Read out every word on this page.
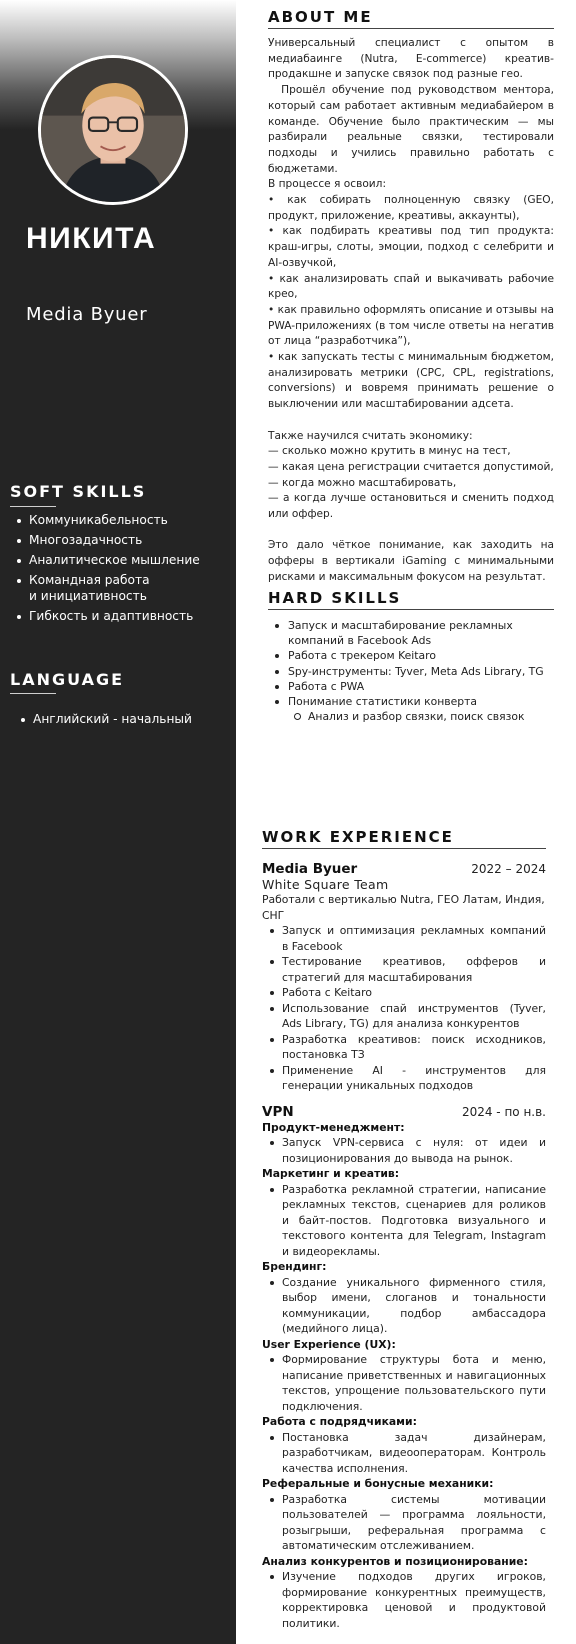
НИКИТА
Media Byuer
SOFT SKILLS
Коммуникабельность
Многозадачность
Аналитическое мышление
Командная работа
и инициативность
Гибкость и адаптивность
LANGUAGE
Английский - начальный
ABOUT ME

Универсальный специалист с опытом в медиабаинге (Nutra, E-commerce) креатив-продакшне и запуске связок под разные гео.

Прошёл обучение под руководством ментора, который сам работает активным медиабайером в команде. Обучение было практическим — мы разбирали реальные связки, тестировали подходы и учились правильно работать с бюджетами.

В процессе я освоил:

• как собирать полноценную связку (GEO, продукт, приложение, креативы, аккаунты),

• как подбирать креативы под тип продукта: краш-игры, слоты, эмоции, подход с селебрити и AI-озвучкой,

• как анализировать спай и выкачивать рабочие крео,

• как правильно оформлять описание и отзывы на PWA-приложениях (в том числе ответы на негатив от лица “разработчика”),

• как запускать тесты с минимальным бюджетом, анализировать метрики (CPC, CPL, registrations, conversions) и вовремя принимать решение о выключении или масштабировании адсета.

Также научился считать экономику:

— сколько можно крутить в минус на тест,

— какая цена регистрации считается допустимой,

— когда можно масштабировать,

— а когда лучше остановиться и сменить подход или оффер.

Это дало чёткое понимание, как заходить на офферы в вертикали iGaming с минимальными рисками и максимальным фокусом на результат.

HARD SKILLS
Запуск и масштабирование рекламных компаний в Facebook Ads
Работа с трекером Keitaro
Spy-инструменты: Tyver, Meta Ads Library, TG
Работа с PWA
Понимание статистики конверта
Анализ и разбор связки, поиск связок
WORK EXPERIENCE
Media Byuer	2022 – 2024
White Square Team
Работали с вертикалью Nutra, ГЕО Латам, Индия, СНГ
Запуск и оптимизация рекламных компаний в Facebook
Тестирование креативов, офферов и стратегий для масштабирования
Работа с Keitaro
Использование спай инструментов (Tyver, Ads Library, TG) для анализа конкурентов
Разработка креативов: поиск исходников, постановка ТЗ
Применение AI - инструментов для генерации уникальных подходов
VPN	2024 - по н.в.
Продукт-менеджмент:
Запуск VPN-сервиса с нуля: от идеи и позиционирования до вывода на рынок.
Маркетинг и креатив:
Разработка рекламной стратегии, написание рекламных текстов, сценариев для роликов и байт-постов. Подготовка визуального и текстового контента для Telegram, Instagram и видеорекламы.
Брендинг:
Создание уникального фирменного стиля, выбор имени, слоганов и тональности коммуникации, подбор амбассадора (медийного лица).
User Experience (UX):
Формирование структуры бота и меню, написание приветственных и навигационных текстов, упрощение пользовательского пути подключения.
Работа с подрядчиками:
Постановка задач дизайнерам, разработчикам, видеооператорам. Контроль качества исполнения.
Реферальные и бонусные механики:
Разработка системы мотивации пользователей — программа лояльности, розыгрыши, реферальная программа с автоматическим отслеживанием.
Анализ конкурентов и позиционирование:
Изучение подходов других игроков, формирование конкурентных преимуществ, корректировка ценовой и продуктовой политики.
